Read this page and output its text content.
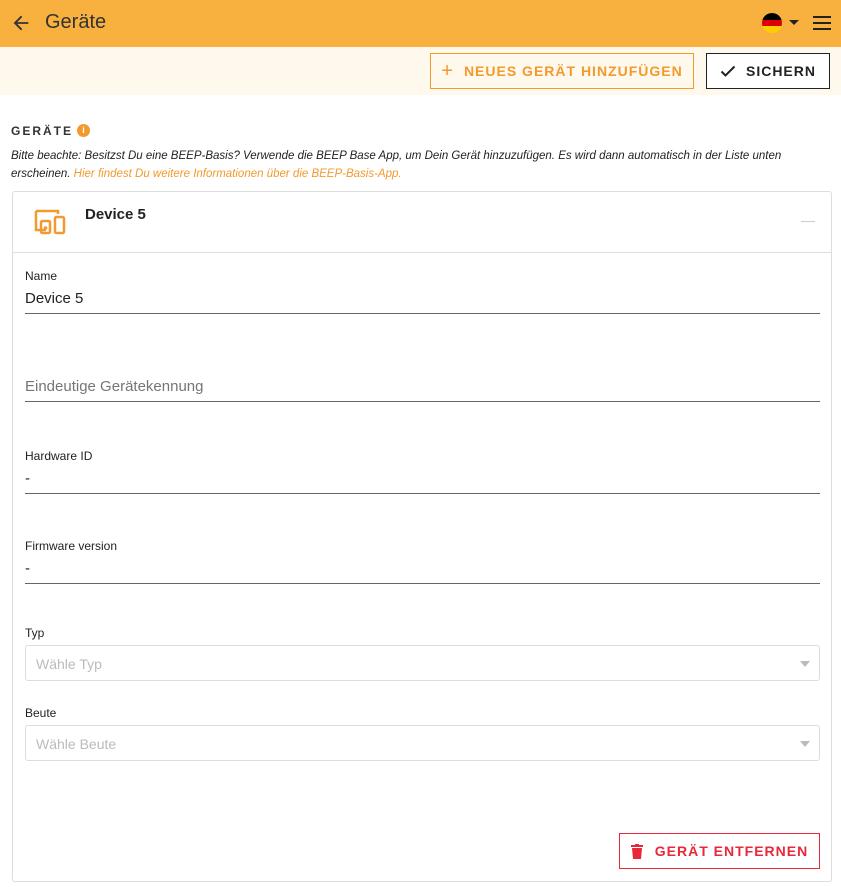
Geräte
+ NEUES GERÄT HINZUFÜGEN	SICHERN
GERÄTE	i
Bitte beachte: Besitzst Du eine BEEP-Basis? Verwende die BEEP Base App, um Dein Gerät hinzuzufügen. Es wird dann automatisch in der Liste unten erscheinen. Hier findest Du weitere Informationen über die BEEP-Basis-App.
Device 5
Name
Device 5
Eindeutige Gerätekennung
Hardware ID
-
Firmware version
-
Typ
Wähle Typ
Beute
Wähle Beute
GERÄT ENTFERNEN
